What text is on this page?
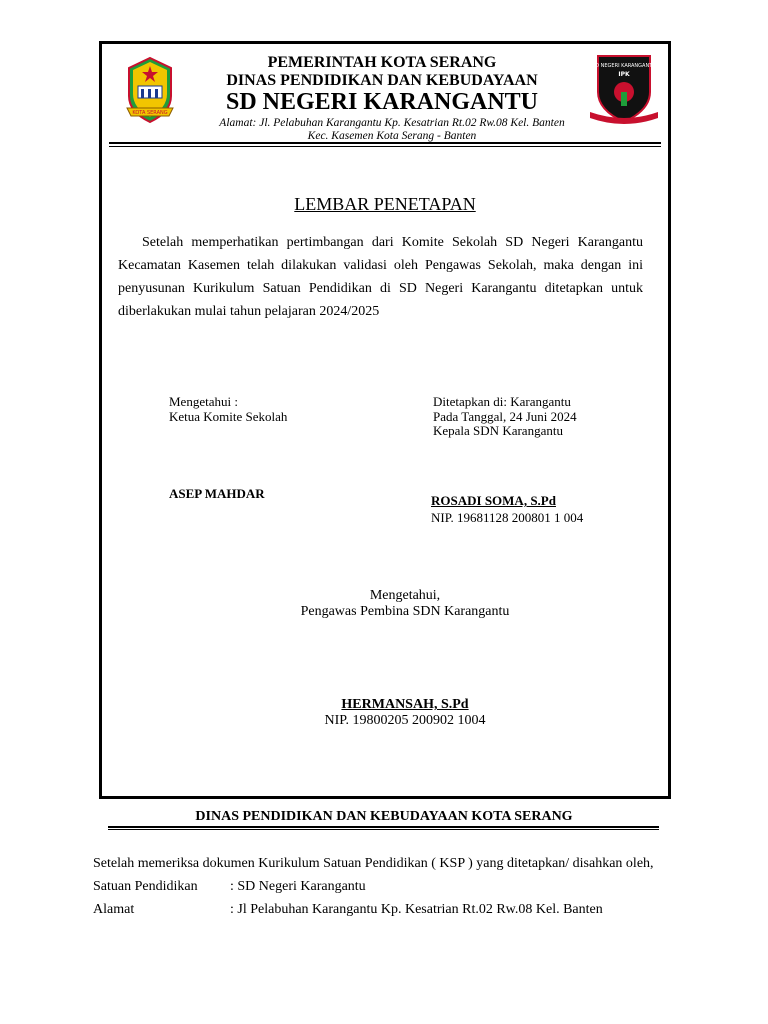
DINAS PENDIDIKAN DAN KEBUDAYAAN KOTA SERANG
Setelah memeriksa dokumen Kurikulum Satuan Pendidikan ( KSP ) yang ditetapkan/ disahkan oleh,
Satuan Pendidikan : SD Negeri Karangantu
Alamat	: Jl Pelabuhan Karangantu Kp. Kesatrian Rt.02 Rw.08 Kel. Banten
KOTA SERANG
SD NEGERI KARANGANTU
IPK
PEMERINTAH KOTA SERANG
DINAS PENDIDIKAN DAN KEBUDAYAAN
SD NEGERI KARANGANTU
Alamat: Jl. Pelabuhan Karangantu Kp. Kesatrian Rt.02 Rw.08 Kel. Banten
Kec. Kasemen Kota Serang - Banten
LEMBAR PENETAPAN
Setelah memperhatikan pertimbangan dari Komite Sekolah SD Negeri Karangantu Kecamatan Kasemen telah dilakukan validasi oleh Pengawas Sekolah, maka dengan ini penyusunan Kurikulum Satuan Pendidikan di SD Negeri Karangantu ditetapkan untuk diberlakukan mulai tahun pelajaran 2024/2025
Mengetahui :
Ketua Komite Sekolah
ASEP MAHDAR
Ditetapkan di: Karangantu
Pada Tanggal, 24 Juni 2024
Kepala SDN Karangantu
ROSADI SOMA, S.Pd
NIP. 19681128 200801 1 004
Mengetahui,
Pengawas Pembina SDN Karangantu
HERMANSAH, S.Pd
NIP. 19800205 200902 1004
